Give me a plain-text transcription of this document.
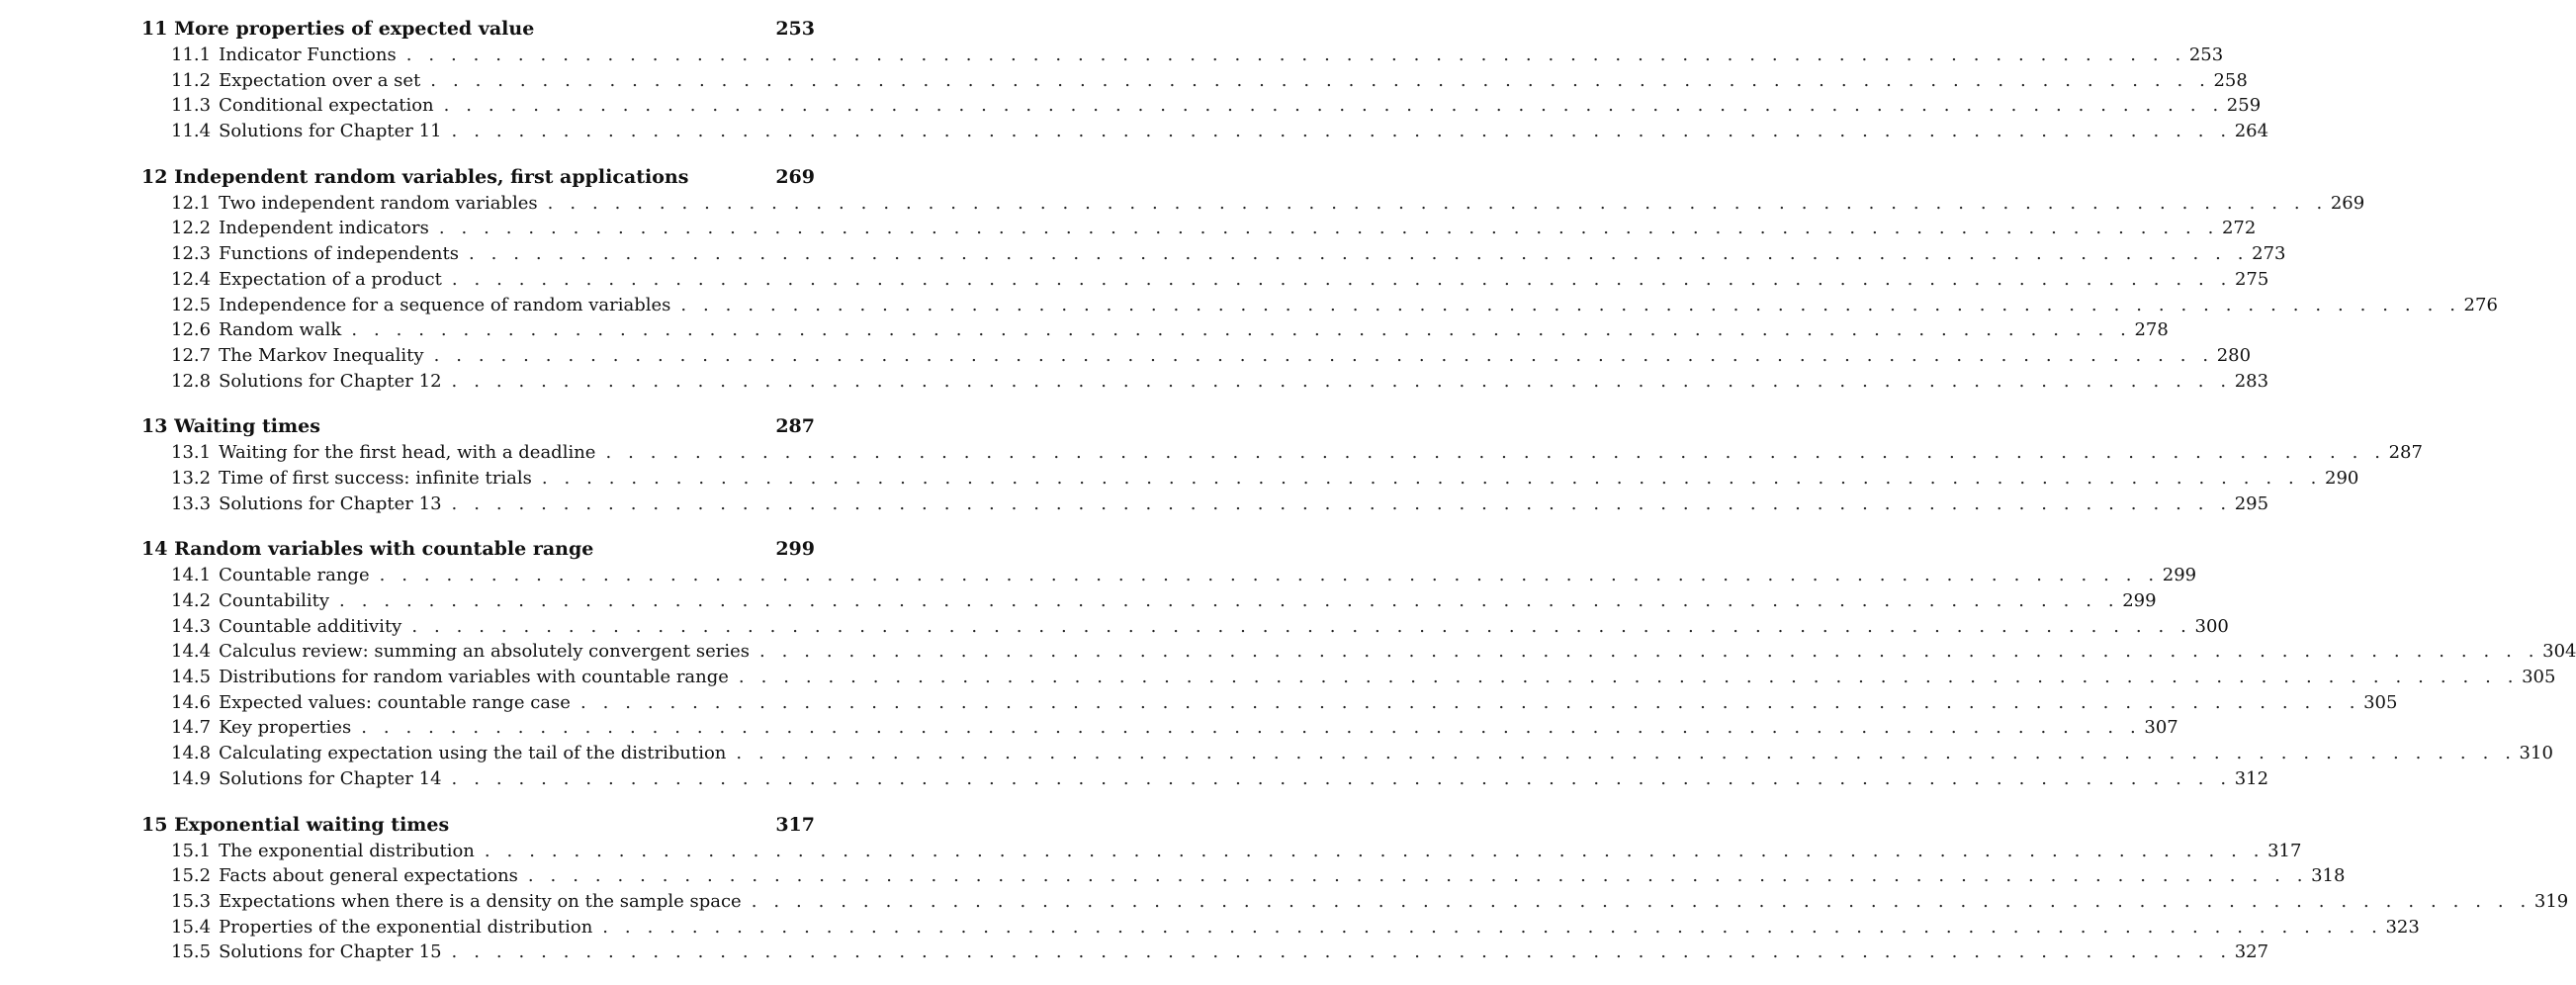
11 More properties of expected value	253
11.1 Indicator Functions . . . . . . . . . . . . . . . . . . . . . . . . . . . . . . . . . . . . . . . . . . . . . . . . . . . . . . . . . . . . . . . . . . . . . . . . . . . . . . . . 253
11.2 Expectation over a set . . . . . . . . . . . . . . . . . . . . . . . . . . . . . . . . . . . . . . . . . . . . . . . . . . . . . . . . . . . . . . . . . . . . . . . . . . . . . . . . 258
11.3 Conditional expectation . . . . . . . . . . . . . . . . . . . . . . . . . . . . . . . . . . . . . . . . . . . . . . . . . . . . . . . . . . . . . . . . . . . . . . . . . . . . . . . . 259
11.4 Solutions for Chapter 11 . . . . . . . . . . . . . . . . . . . . . . . . . . . . . . . . . . . . . . . . . . . . . . . . . . . . . . . . . . . . . . . . . . . . . . . . . . . . . . . . 264
12 Independent random variables, first applications	269
12.1 Two independent random variables . . . . . . . . . . . . . . . . . . . . . . . . . . . . . . . . . . . . . . . . . . . . . . . . . . . . . . . . . . . . . . . . . . . . . . . . . . . . . . . . 269
12.2 Independent indicators . . . . . . . . . . . . . . . . . . . . . . . . . . . . . . . . . . . . . . . . . . . . . . . . . . . . . . . . . . . . . . . . . . . . . . . . . . . . . . . . 272
12.3 Functions of independents . . . . . . . . . . . . . . . . . . . . . . . . . . . . . . . . . . . . . . . . . . . . . . . . . . . . . . . . . . . . . . . . . . . . . . . . . . . . . . . . 273
12.4 Expectation of a product . . . . . . . . . . . . . . . . . . . . . . . . . . . . . . . . . . . . . . . . . . . . . . . . . . . . . . . . . . . . . . . . . . . . . . . . . . . . . . . . 275
12.5 Independence for a sequence of random variables . . . . . . . . . . . . . . . . . . . . . . . . . . . . . . . . . . . . . . . . . . . . . . . . . . . . . . . . . . . . . . . . . . . . . . . . . . . . . . . . 276
12.6 Random walk . . . . . . . . . . . . . . . . . . . . . . . . . . . . . . . . . . . . . . . . . . . . . . . . . . . . . . . . . . . . . . . . . . . . . . . . . . . . . . . . 278
12.7 The Markov Inequality . . . . . . . . . . . . . . . . . . . . . . . . . . . . . . . . . . . . . . . . . . . . . . . . . . . . . . . . . . . . . . . . . . . . . . . . . . . . . . . . 280
12.8 Solutions for Chapter 12 . . . . . . . . . . . . . . . . . . . . . . . . . . . . . . . . . . . . . . . . . . . . . . . . . . . . . . . . . . . . . . . . . . . . . . . . . . . . . . . . 283
13 Waiting times	287
13.1 Waiting for the first head, with a deadline . . . . . . . . . . . . . . . . . . . . . . . . . . . . . . . . . . . . . . . . . . . . . . . . . . . . . . . . . . . . . . . . . . . . . . . . . . . . . . . . 287
13.2 Time of first success: infinite trials . . . . . . . . . . . . . . . . . . . . . . . . . . . . . . . . . . . . . . . . . . . . . . . . . . . . . . . . . . . . . . . . . . . . . . . . . . . . . . . . 290
13.3 Solutions for Chapter 13 . . . . . . . . . . . . . . . . . . . . . . . . . . . . . . . . . . . . . . . . . . . . . . . . . . . . . . . . . . . . . . . . . . . . . . . . . . . . . . . . 295
14 Random variables with countable range	299
14.1 Countable range . . . . . . . . . . . . . . . . . . . . . . . . . . . . . . . . . . . . . . . . . . . . . . . . . . . . . . . . . . . . . . . . . . . . . . . . . . . . . . . . 299
14.2 Countability . . . . . . . . . . . . . . . . . . . . . . . . . . . . . . . . . . . . . . . . . . . . . . . . . . . . . . . . . . . . . . . . . . . . . . . . . . . . . . . . 299
14.3 Countable additivity . . . . . . . . . . . . . . . . . . . . . . . . . . . . . . . . . . . . . . . . . . . . . . . . . . . . . . . . . . . . . . . . . . . . . . . . . . . . . . . . 300
14.4 Calculus review: summing an absolutely convergent series . . . . . . . . . . . . . . . . . . . . . . . . . . . . . . . . . . . . . . . . . . . . . . . . . . . . . . . . . . . . . . . . . . . . . . . . . . . . . . . . 304
14.5 Distributions for random variables with countable range . . . . . . . . . . . . . . . . . . . . . . . . . . . . . . . . . . . . . . . . . . . . . . . . . . . . . . . . . . . . . . . . . . . . . . . . . . . . . . . . 305
14.6 Expected values: countable range case . . . . . . . . . . . . . . . . . . . . . . . . . . . . . . . . . . . . . . . . . . . . . . . . . . . . . . . . . . . . . . . . . . . . . . . . . . . . . . . . 305
14.7 Key properties . . . . . . . . . . . . . . . . . . . . . . . . . . . . . . . . . . . . . . . . . . . . . . . . . . . . . . . . . . . . . . . . . . . . . . . . . . . . . . . . 307
14.8 Calculating expectation using the tail of the distribution . . . . . . . . . . . . . . . . . . . . . . . . . . . . . . . . . . . . . . . . . . . . . . . . . . . . . . . . . . . . . . . . . . . . . . . . . . . . . . . . 310
14.9 Solutions for Chapter 14 . . . . . . . . . . . . . . . . . . . . . . . . . . . . . . . . . . . . . . . . . . . . . . . . . . . . . . . . . . . . . . . . . . . . . . . . . . . . . . . . 312
15 Exponential waiting times	317
15.1 The exponential distribution . . . . . . . . . . . . . . . . . . . . . . . . . . . . . . . . . . . . . . . . . . . . . . . . . . . . . . . . . . . . . . . . . . . . . . . . . . . . . . . . 317
15.2 Facts about general expectations . . . . . . . . . . . . . . . . . . . . . . . . . . . . . . . . . . . . . . . . . . . . . . . . . . . . . . . . . . . . . . . . . . . . . . . . . . . . . . . . 318
15.3 Expectations when there is a density on the sample space . . . . . . . . . . . . . . . . . . . . . . . . . . . . . . . . . . . . . . . . . . . . . . . . . . . . . . . . . . . . . . . . . . . . . . . . . . . . . . . . 319
15.4 Properties of the exponential distribution . . . . . . . . . . . . . . . . . . . . . . . . . . . . . . . . . . . . . . . . . . . . . . . . . . . . . . . . . . . . . . . . . . . . . . . . . . . . . . . . 323
15.5 Solutions for Chapter 15 . . . . . . . . . . . . . . . . . . . . . . . . . . . . . . . . . . . . . . . . . . . . . . . . . . . . . . . . . . . . . . . . . . . . . . . . . . . . . . . . 327
